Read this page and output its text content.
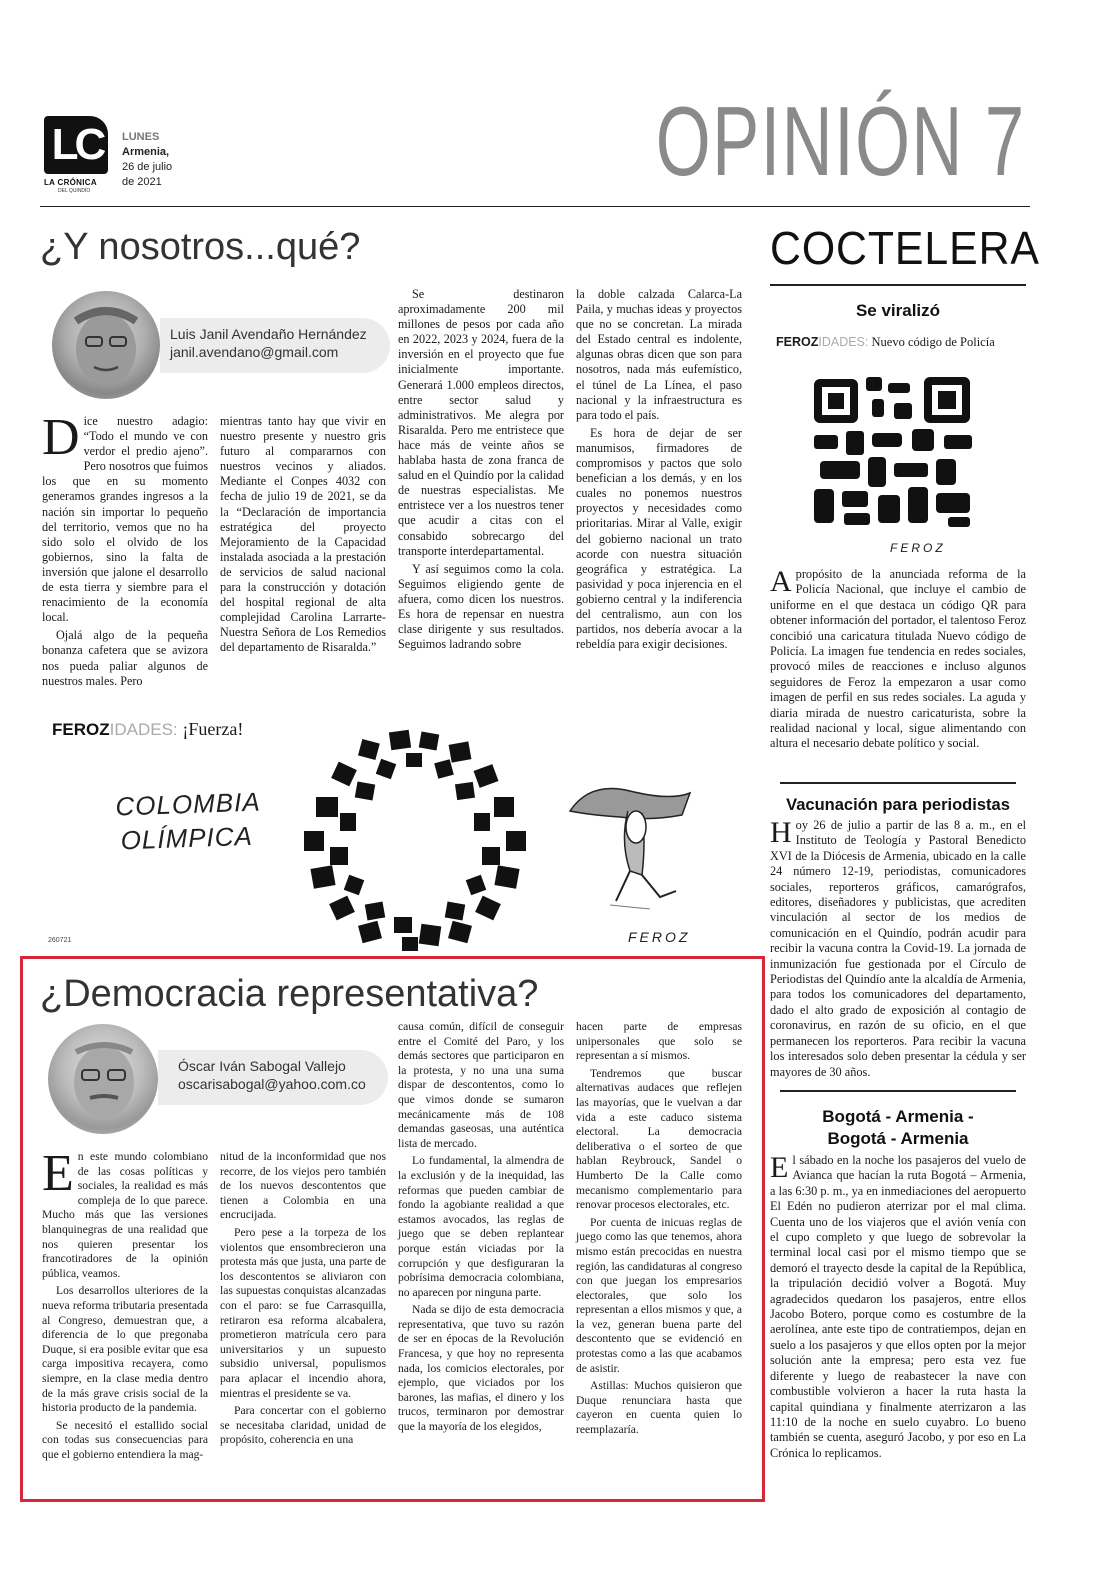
LC
LA CRÓNICA
DEL QUINDÍO
LUNES
Armenia,
26 de julio
de 2021	OPINIÓN 7
¿Y nosotros...qué?
Luis Janil Avendaño Hernández
janil.avendano@gmail.com
D ice nuestro adagio: “Todo el mundo ve con verdor el predio ajeno”. Pero nosotros que fuimos los que en su momento generamos grandes ingresos a la nación sin importar lo pequeño del territorio, vemos que no ha sido solo el olvido de los gobiernos, sino la falta de inversión que jalone el desarrollo de esta tierra y siembre para el renacimiento de la economía local.

Ojalá algo de la pequeña bonanza cafetera que se avizora nos pueda paliar algunos de nuestros males. Pero

mientras tanto hay que vivir en nuestro presente y nuestro gris futuro al compararnos con nuestros vecinos y aliados. Mediante el Conpes 4032 con fecha de julio 19 de 2021, se da la “Declaración de importancia estratégica del proyecto Mejoramiento de la Capacidad instalada asociada a la prestación de servicios de salud nacional para la construcción y dotación del hospital regional de alta complejidad Carolina Larrarte-Nuestra Señora de Los Remedios del departamento de Risaralda.”

Se destinaron aproximadamente 200 mil millones de pesos por cada año en 2022, 2023 y 2024, fuera de la inversión en el proyecto que fue inicialmente importante. Generará 1.000 empleos directos, entre sector salud y administrativos. Me alegra por Risaralda. Pero me entristece que hace más de veinte años se hablaba hasta de zona franca de salud en el Quindío por la calidad de nuestras especialistas. Me entristece ver a los nuestros tener que acudir a citas con el consabido sobrecargo del transporte interdepartamental.

Y así seguimos como la cola. Seguimos eligiendo gente de afuera, como dicen los nuestros. Es hora de repensar en nuestra clase dirigente y sus resultados. Seguimos ladrando sobre

la doble calzada Calarca-La Paila, y muchas ideas y proyectos que no se concretan. La mirada del Estado central es indolente, algunas obras dicen que son para nosotros, nada más eufemístico, el túnel de La Línea, el paso nacional y la infraestructura es para todo el país.

Es hora de dejar de ser manumisos, firmadores de compromisos y pactos que solo benefician a los demás, y en los cuales no ponemos nuestros proyectos y necesidades como prioritarias. Mirar al Valle, exigir del gobierno nacional un trato acorde con nuestra situación geográfica y estratégica. La pasividad y poca injerencia en el gobierno central y la indiferencia del centralismo, aun con los partidos, nos debería avocar a la rebeldía para exigir decisiones.

FEROZIDADES: ¡Fuerza!
COLOMBIA
OLÍMPICA
260721	FEROZ
¿Democracia representativa?
Óscar Iván Sabogal Vallejo
oscarisabogal@yahoo.com.co
E n este mundo colombiano de las cosas políticas y sociales, la realidad es más compleja de lo que parece. Mucho más que las versiones blanquinegras de una realidad que nos quieren presentar los francotiradores de la opinión pública, veamos.

Los desarrollos ulteriores de la nueva reforma tributaria presentada al Congreso, demuestran que, a diferencia de lo que pregonaba Duque, si era posible evitar que esa carga impositiva recayera, como siempre, en la clase media dentro de la más grave crisis social de la historia producto de la pandemia.

Se necesitó el estallido social con todas sus consecuencias para que el gobierno entendiera la mag-

nitud de la inconformidad que nos recorre, de los viejos pero también de los nuevos descontentos que tienen a Colombia en una encrucijada.

Pero pese a la torpeza de los violentos que ensombrecieron una protesta más que justa, una parte de los descontentos se aliviaron con las supuestas conquistas alcanzadas con el paro: se fue Carrasquilla, retiraron esa reforma alcabalera, prometieron matrícula cero para universitarios y un supuesto subsidio universal, populismos para aplacar el incendio ahora, mientras el presidente se va.

Para concertar con el gobierno se necesitaba claridad, unidad de propósito, coherencia en una

causa común, difícil de conseguir entre el Comité del Paro, y los demás sectores que participaron en la protesta, y no una una suma dispar de descontentos, como lo que vimos donde se sumaron mecánicamente más de 108 demandas gaseosas, una auténtica lista de mercado.

Lo fundamental, la almendra de la exclusión y de la inequidad, las reformas que pueden cambiar de fondo la agobiante realidad a que estamos avocados, las reglas de juego que se deben replantear porque están viciadas por la corrupción y que desfiguraran la pobrísima democracia colombiana, no aparecen por ninguna parte.

Nada se dijo de esta democracia representativa, que tuvo su razón de ser en épocas de la Revolución Francesa, y que hoy no representa nada, los comicios electorales, por ejemplo, que viciados por los barones, las mafias, el dinero y los trucos, terminaron por demostrar que la mayoría de los elegidos,

hacen parte de empresas unipersonales que solo se representan a sí mismos.

Tendremos que buscar alternativas audaces que reflejen las mayorías, que le vuelvan a dar vida a este caduco sistema electoral. La democracia deliberativa o el sorteo de que hablan Reybrouck, Sandel o Humberto De la Calle como mecanismo complementario para renovar procesos electorales, etc.

Por cuenta de inicuas reglas de juego como las que tenemos, ahora mismo están precocidas en nuestra región, las candidaturas al congreso con que juegan los empresarios electorales, que solo los representan a ellos mismos y que, a la vez, generan buena parte del descontento que se evidenció en protestas como a las que acabamos de asistir.

Astillas: Muchos quisieron que Duque renunciara hasta que cayeron en cuenta quien lo reemplazaría.

COCTELERA
Se viralizó
FEROZIDADES: Nuevo código de Policía
FEROZ
Apropósito de la anunciada reforma de la Policía Nacional, que incluye el cambio de uniforme en el que destaca un código QR para obtener información del portador, el talentoso Feroz concibió una caricatura titulada Nuevo código de Policía. La imagen fue tendencia en redes sociales, provocó miles de reacciones e incluso algunos seguidores de Feroz la empezaron a usar como imagen de perfil en sus redes sociales. La aguda y diaria mirada de nuestro caricaturista, sobre la realidad nacional y local, sigue alimentando con altura el necesario debate político y social.
Vacunación para periodistas
Hoy 26 de julio a partir de las 8 a. m., en el Instituto de Teología y Pastoral Benedicto XVI de la Diócesis de Armenia, ubicado en la calle 24 número 12-19, periodistas, comunicadores sociales, reporteros gráficos, camarógrafos, editores, diseñadores y publicistas, que acrediten vinculación al sector de los medios de comunicación en el Quindío, podrán acudir para recibir la vacuna contra la Covid-19. La jornada de inmunización fue gestionada por el Círculo de Periodistas del Quindío ante la alcaldía de Armenia, para todos los comunicadores del departamento, dado el alto grado de exposición al contagio de coronavirus, en razón de su oficio, en el que permanecen los reporteros. Para recibir la vacuna los interesados solo deben presentar la cédula y ser mayores de 30 años.
Bogotá - Armenia -
Bogotá - Armenia
El sábado en la noche los pasajeros del vuelo de Avianca que hacían la ruta Bogotá – Armenia, a las 6:30 p. m., ya en inmediaciones del aeropuerto El Edén no pudieron aterrizar por el mal clima. Cuenta uno de los viajeros que el avión venía con el cupo completo y que luego de sobrevolar la terminal local casi por el mismo tiempo que se demoró el trayecto desde la capital de la República, la tripulación decidió volver a Bogotá. Muy agradecidos quedaron los pasajeros, entre ellos Jacobo Botero, porque como es costumbre de la aerolínea, ante este tipo de contratiempos, dejan en suelo a los pasajeros y que ellos opten por la mejor solución ante la empresa; pero esta vez fue diferente y luego de reabastecer la nave con combustible volvieron a hacer la ruta hasta la capital quindiana y finalmente aterrizaron a las 11:10 de la noche en suelo cuyabro. Lo bueno también se cuenta, aseguró Jacobo, y por eso en La Crónica lo replicamos.
